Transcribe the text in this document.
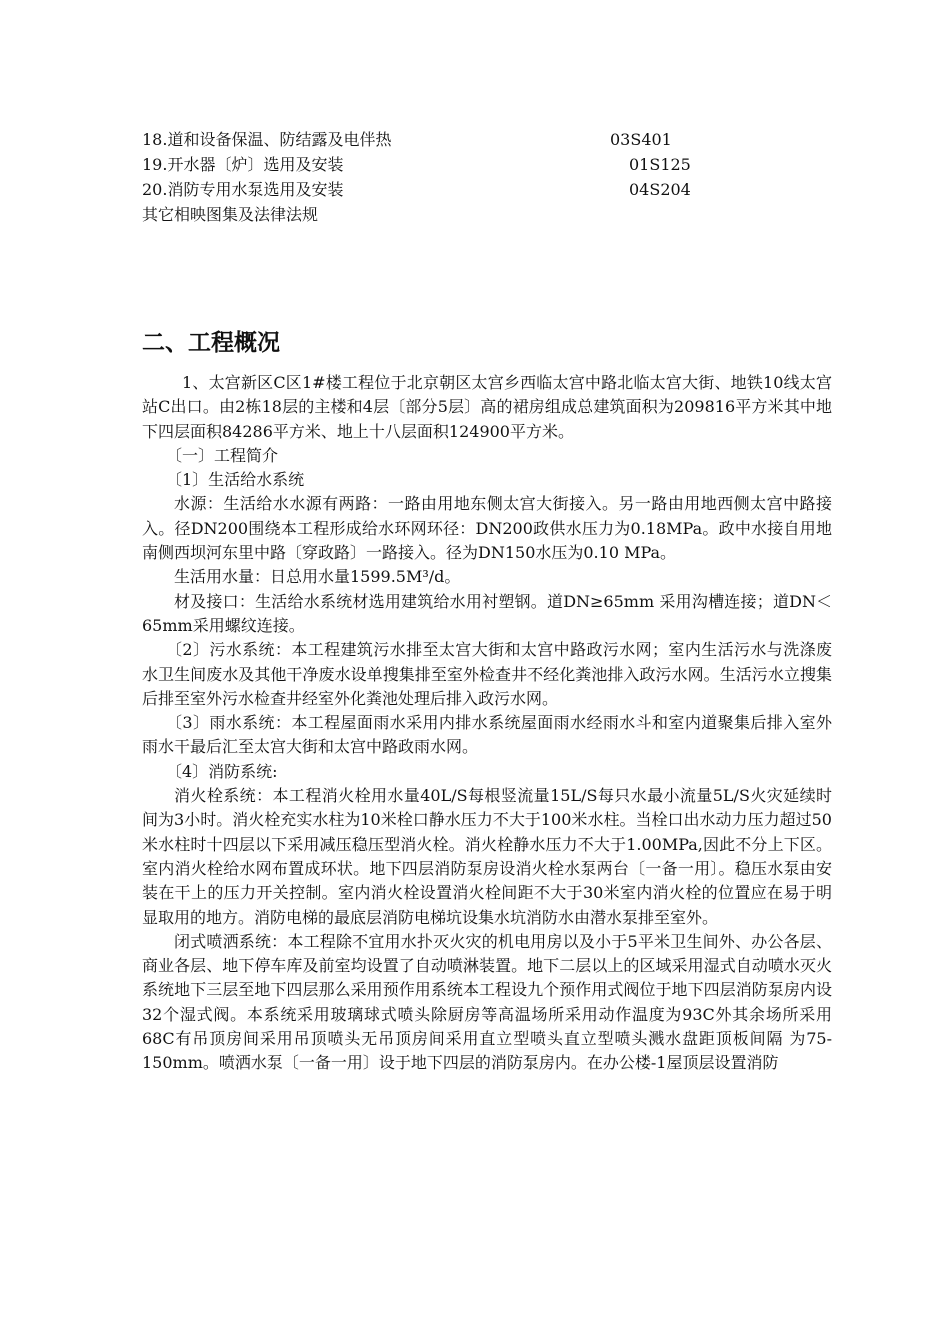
18.道和设备保温、防结露及电伴热	03S401
19.开水器〔炉〕选用及安装	01S125
20.消防专用水泵选用及安装	04S204
其它相映图集及法律法规
二、工程概况

1、太宫新区C区1#楼工程位于北京朝区太宫乡西临太宫中路北临太宫大街、地铁10线太宫站C出口。由2栋18层的主楼和4层〔部分5层〕高的裙房组成总建筑面积为209816平方米其中地下四层面积84286平方米、地上十八层面积124900平方米。

〔一〕工程简介

〔1〕生活给水系统

水源：生活给水水源有两路：一路由用地东侧太宫大街接入。另一路由用地西侧太宫中路接入。径DN200围绕本工程形成给水环网环径：DN200政供水压力为0.18MPa。政中水接自用地南侧西坝河东里中路〔穿政路〕一路接入。径为DN150水压为0.10 MPa。

生活用水量：日总用水量1599.5M³/d。

材及接口：生活给水系统材选用建筑给水用衬塑钢。道DN≥65mm 采用沟槽连接；道DN＜65mm采用螺纹连接。

〔2〕污水系统：本工程建筑污水排至太宫大街和太宫中路政污水网；室内生活污水与洗涤废水卫生间废水及其他干净废水设单搜集排至室外检查井不经化粪池排入政污水网。生活污水立搜集后排至室外污水检查井经室外化粪池处理后排入政污水网。

〔3〕雨水系统：本工程屋面雨水采用内排水系统屋面雨水经雨水斗和室内道聚集后排入室外雨水干最后汇至太宫大街和太宫中路政雨水网。

〔4〕消防系统:

消火栓系统：本工程消火栓用水量40L/S每根竖流量15L/S每只水最小流量5L/S火灾延续时间为3小时。消火栓充实水柱为10米栓口静水压力不大于100米水柱。当栓口出水动力压力超过50米水柱时十四层以下采用减压稳压型消火栓。消火栓静水压力不大于1.00MPa,因此不分上下区。室内消火栓给水网布置成环状。地下四层消防泵房设消火栓水泵两台〔一备一用〕。稳压水泵由安装在干上的压力开关控制。室内消火栓设置消火栓间距不大于30米室内消火栓的位置应在易于明显取用的地方。消防电梯的最底层消防电梯坑设集水坑消防水由潜水泵排至室外。

闭式喷洒系统：本工程除不宜用水扑灭火灾的机电用房以及小于5平米卫生间外、办公各层、商业各层、地下停车库及前室均设置了自动喷淋装置。地下二层以上的区域采用湿式自动喷水灭火系统地下三层至地下四层那么采用预作用系统本工程设九个预作用式阀位于地下四层消防泵房内设32个湿式阀。本系统采用玻璃球式喷头除厨房等高温场所采用动作温度为93C外其余场所采用68C有吊顶房间采用吊顶喷头无吊顶房间采用直立型喷头直立型喷头溅水盘距顶板间隔 为75-150mm。喷洒水泵〔一备一用〕设于地下四层的消防泵房内。在办公楼-1屋顶层设置消防
